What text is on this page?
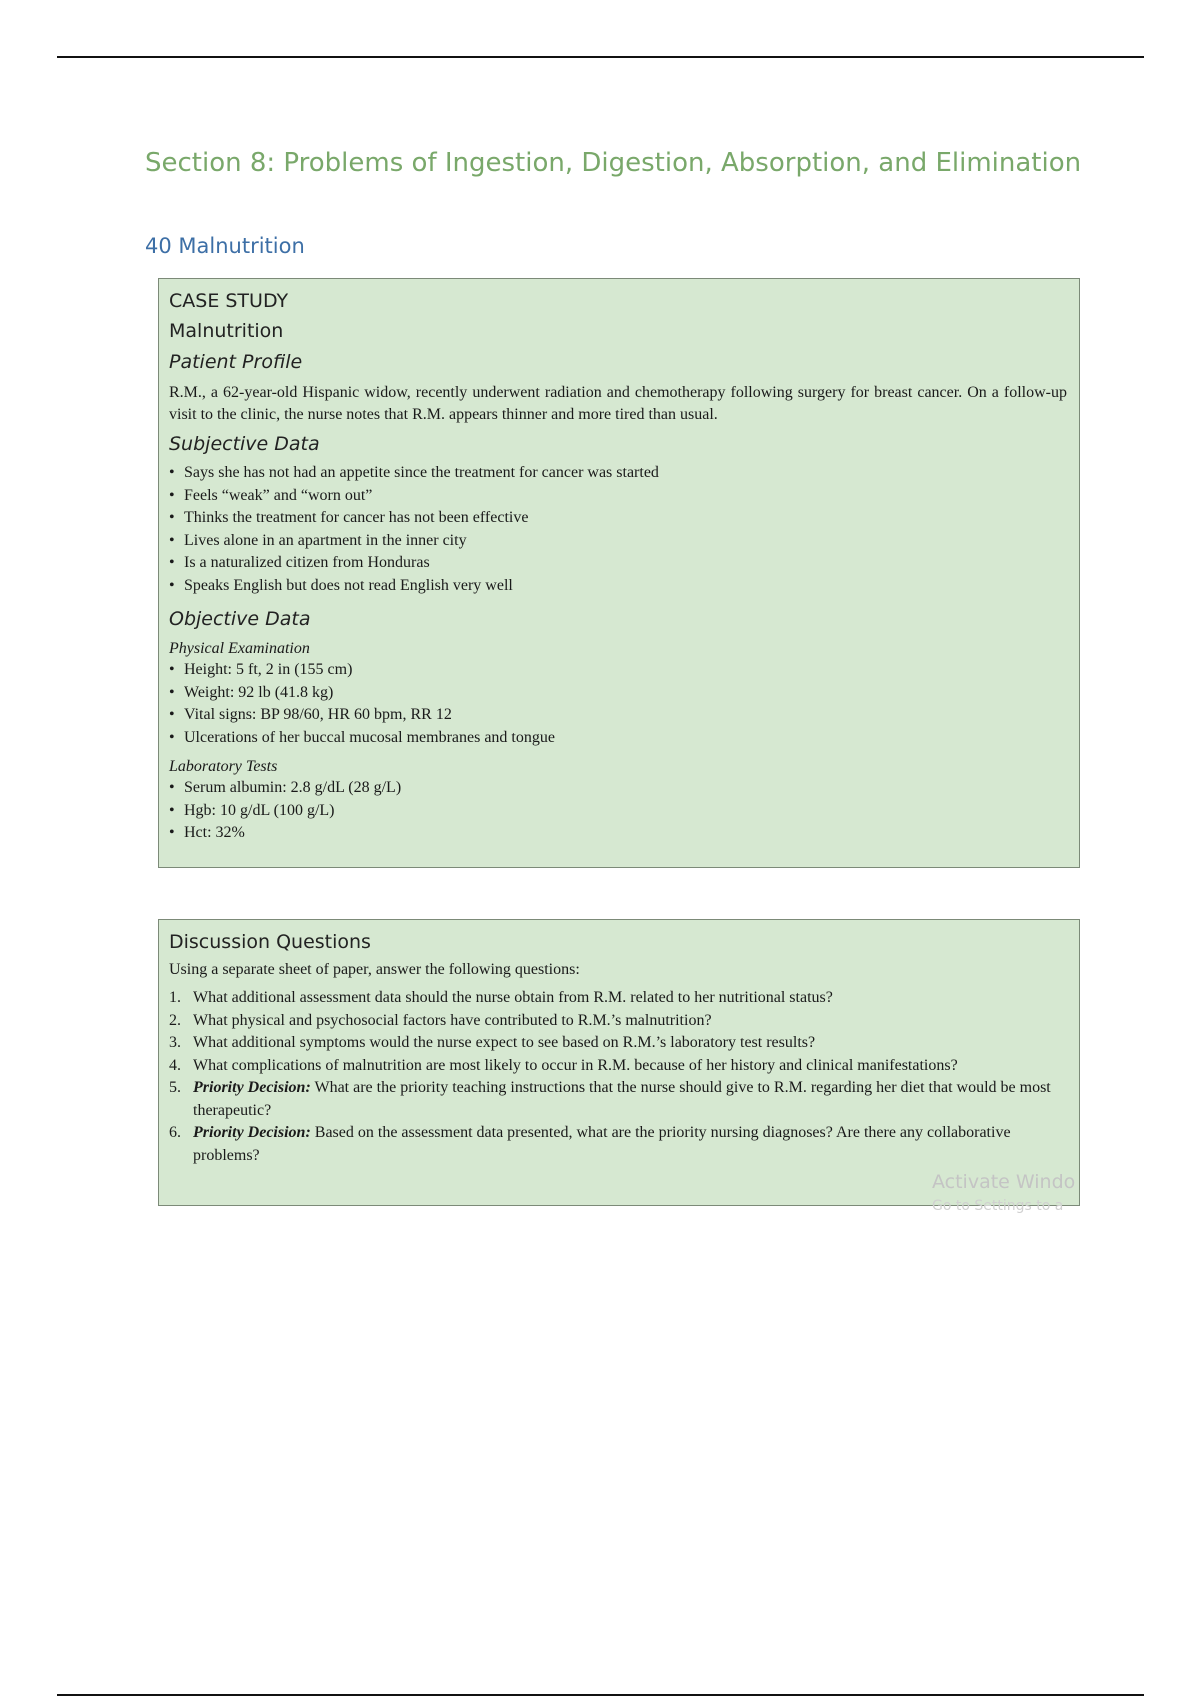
Section 8: Problems of Ingestion, Digestion, Absorption, and Elimination
40 Malnutrition
CASE STUDY
Malnutrition
Patient Profile

R.M., a 62-year-old Hispanic widow, recently underwent radiation and chemotherapy following surgery for breast cancer. On a follow-up visit to the clinic, the nurse notes that R.M. appears thinner and more tired than usual.

Subjective Data
• Says she has not had an appetite since the treatment for cancer was started
• Feels “weak” and “worn out”
• Thinks the treatment for cancer has not been effective
• Lives alone in an apartment in the inner city
• Is a naturalized citizen from Honduras
• Speaks English but does not read English very well
Objective Data
Physical Examination
• Height: 5 ft, 2 in (155 cm)
• Weight: 92 lb (41.8 kg)
• Vital signs: BP 98/60, HR 60 bpm, RR 12
• Ulcerations of her buccal mucosal membranes and tongue
Laboratory Tests
• Serum albumin: 2.8 g/dL (28 g/L)
• Hgb: 10 g/dL (100 g/L)
• Hct: 32%
Discussion Questions

Using a separate sheet of paper, answer the following questions:

1. What additional assessment data should the nurse obtain from R.M. related to her nutritional status?
2. What physical and psychosocial factors have contributed to R.M.’s malnutrition?
3. What additional symptoms would the nurse expect to see based on R.M.’s laboratory test results?
4. What complications of malnutrition are most likely to occur in R.M. because of her history and clinical manifestations?
5. Priority Decision: What are the priority teaching instructions that the nurse should give to R.M. regarding her diet that would be most therapeutic?
6. Priority Decision: Based on the assessment data presented, what are the priority nursing diagnoses? Are there any collaborative problems?
Activate Windo
Go to Settings to a
